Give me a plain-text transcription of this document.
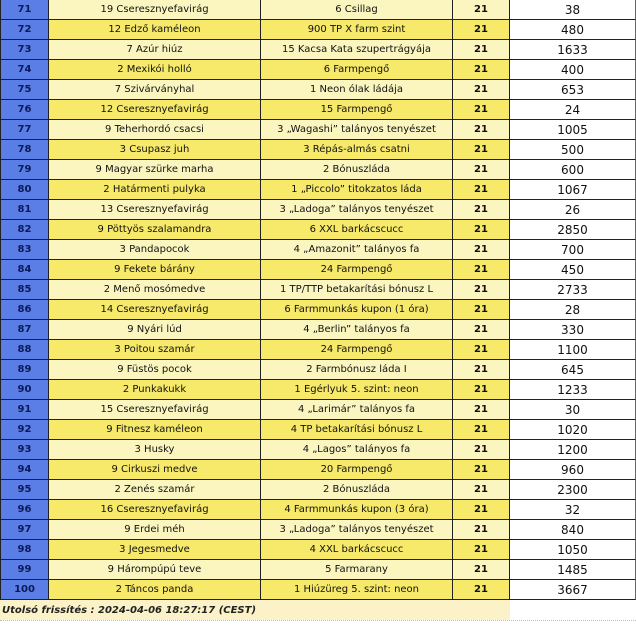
71	19 Cseresznyefavirág	6 Csillag	21	38
72	12 Edző kaméleon	900 TP X farm szint	21	480
73	7 Azúr hiúz	15 Kacsa Kata szupertrágyája	21	1633
74	2 Mexikói holló	6 Farmpengő	21	400
75	7 Szivárványhal	1 Neon ólak ládája	21	653
76	12 Cseresznyefavirág	15 Farmpengő	21	24
77	9 Teherhordó csacsi	3 „Wagashi” talányos tenyészet	21	1005
78	3 Csupasz juh	3 Répás-almás csatni	21	500
79	9 Magyar szürke marha	2 Bónuszláda	21	600
80	2 Határmenti pulyka	1 „Piccolo” titokzatos láda	21	1067
81	13 Cseresznyefavirág	3 „Ladoga” talányos tenyészet	21	26
82	9 Pöttyös szalamandra	6 XXL barkácscucc	21	2850
83	3 Pandapocok	4 „Amazonit” talányos fa	21	700
84	9 Fekete bárány	24 Farmpengő	21	450
85	2 Menő mosómedve	1 TP/TTP betakarítási bónusz L	21	2733
86	14 Cseresznyefavirág	6 Farmmunkás kupon (1 óra)	21	28
87	9 Nyári lúd	4 „Berlin” talányos fa	21	330
88	3 Poitou szamár	24 Farmpengő	21	1100
89	9 Füstös pocok	2 Farmbónusz láda I	21	645
90	2 Punkakukk	1 Egérlyuk 5. szint: neon	21	1233
91	15 Cseresznyefavirág	4 „Larimár” talányos fa	21	30
92	9 Fitnesz kaméleon	4 TP betakarítási bónusz L	21	1020
93	3 Husky	4 „Lagos” talányos fa	21	1200
94	9 Cirkuszi medve	20 Farmpengő	21	960
95	2 Zenés szamár	2 Bónuszláda	21	2300
96	16 Cseresznyefavirág	4 Farmmunkás kupon (3 óra)	21	32
97	9 Erdei méh	3 „Ladoga” talányos tenyészet	21	840
98	3 Jegesmedve	4 XXL barkácscucc	21	1050
99	9 Hárompúpú teve	5 Farmarany	21	1485
100	2 Táncos panda	1 Hiúzüreg 5. szint: neon	21	3667
Utolsó frissítés : 2024-04-06 18:27:17 (CEST)
